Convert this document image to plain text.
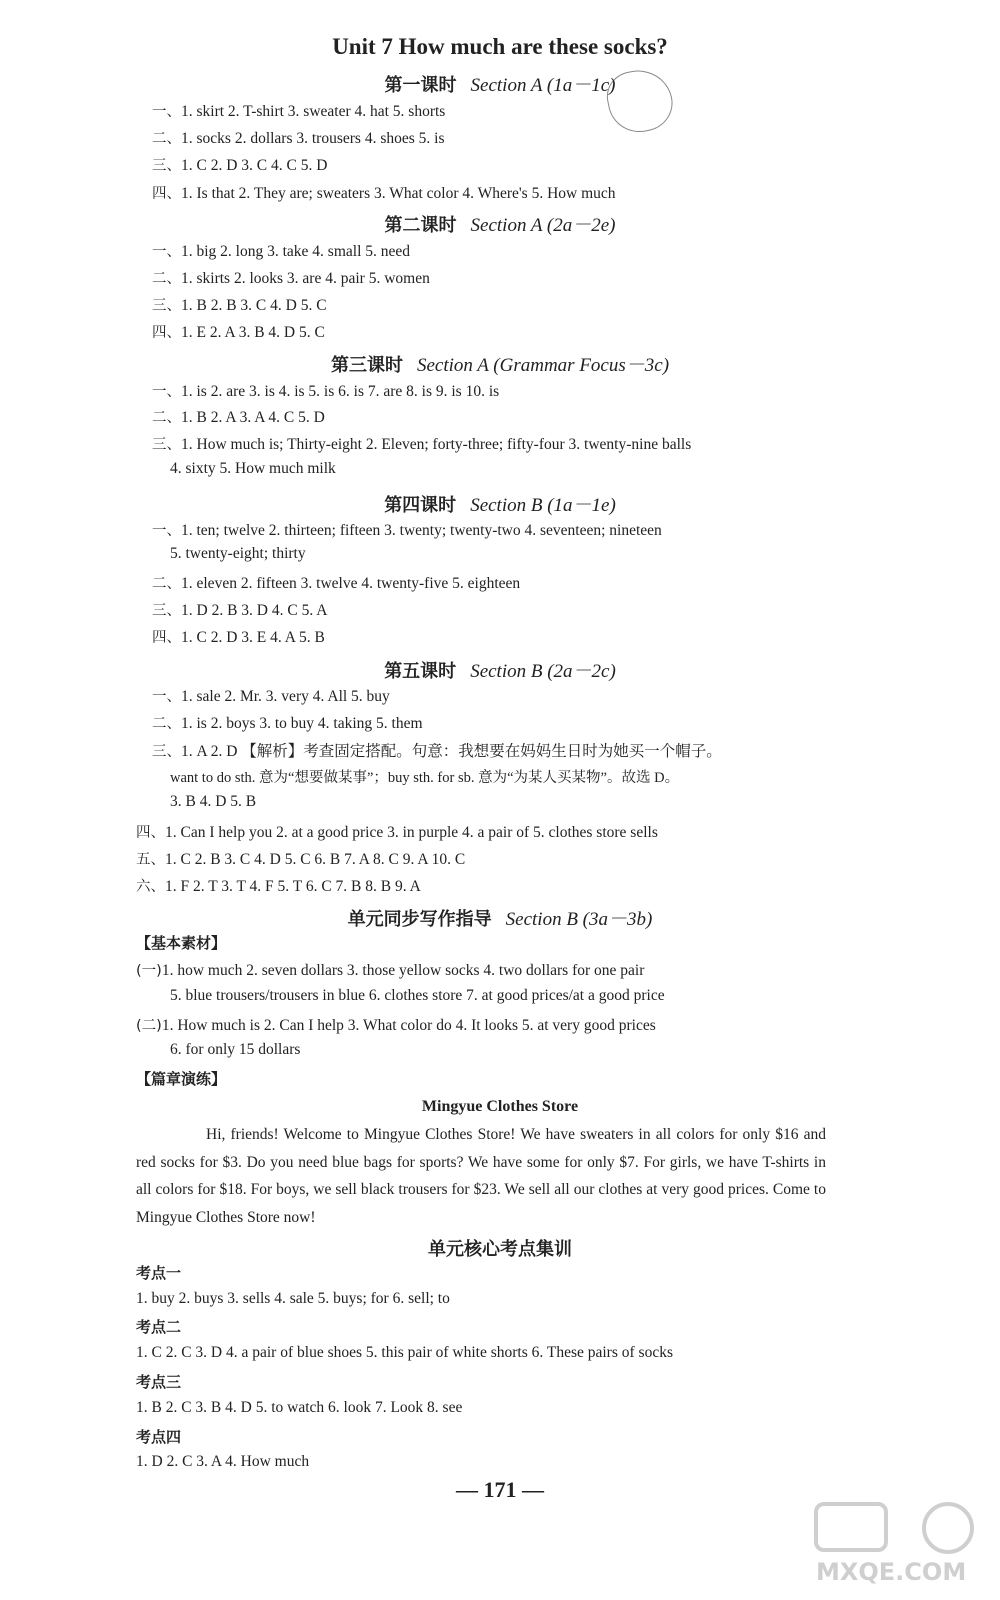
Unit 7 How much are these socks?
第一课时 Section A (1a－1c)
一、1. skirt 2. T-shirt 3. sweater 4. hat 5. shorts
二、1. socks 2. dollars 3. trousers 4. shoes 5. is
三、1. C 2. D 3. C 4. C 5. D
四、1. Is that 2. They are; sweaters 3. What color 4. Where's 5. How much
第二课时 Section A (2a－2e)
一、1. big 2. long 3. take 4. small 5. need
二、1. skirts 2. looks 3. are 4. pair 5. women
三、1. B 2. B 3. C 4. D 5. C
四、1. E 2. A 3. B 4. D 5. C
第三课时 Section A (Grammar Focus－3c)
一、1. is 2. are 3. is 4. is 5. is 6. is 7. are 8. is 9. is 10. is
二、1. B 2. A 3. A 4. C 5. D
三、1. How much is; Thirty-eight 2. Eleven; forty-three; fifty-four 3. twenty-nine balls
4. sixty 5. How much milk
第四课时 Section B (1a－1e)
一、1. ten; twelve 2. thirteen; fifteen 3. twenty; twenty-two 4. seventeen; nineteen
5. twenty-eight; thirty
二、1. eleven 2. fifteen 3. twelve 4. twenty-five 5. eighteen
三、1. D 2. B 3. D 4. C 5. A
四、1. C 2. D 3. E 4. A 5. B
第五课时 Section B (2a－2c)
一、1. sale 2. Mr. 3. very 4. All 5. buy
二、1. is 2. boys 3. to buy 4. taking 5. them
三、1. A 2. D 【解析】考查固定搭配。句意：我想要在妈妈生日时为她买一个帽子。
want to do sth. 意为“想要做某事”；buy sth. for sb. 意为“为某人买某物”。故选 D。
3. B 4. D 5. B
四、1. Can I help you 2. at a good price 3. in purple 4. a pair of 5. clothes store sells
五、1. C 2. B 3. C 4. D 5. C 6. B 7. A 8. C 9. A 10. C
六、1. F 2. T 3. T 4. F 5. T 6. C 7. B 8. B 9. A
单元同步写作指导 Section B (3a－3b)
【基本素材】
(一)1. how much 2. seven dollars 3. those yellow socks 4. two dollars for one pair
5. blue trousers/trousers in blue 6. clothes store 7. at good prices/at a good price
(二)1. How much is 2. Can I help 3. What color do 4. It looks 5. at very good prices
6. for only 15 dollars
【篇章演练】
Mingyue Clothes Store
Hi, friends! Welcome to Mingyue Clothes Store! We have sweaters in all colors for only $16 and red socks for $3. Do you need blue bags for sports? We have some for only $7. For girls, we have T-shirts in all colors for $18. For boys, we sell black trousers for $23. We sell all our clothes at very good prices. Come to Mingyue Clothes Store now!
单元核心考点集训
考点一
1. buy 2. buys 3. sells 4. sale 5. buys; for 6. sell; to
考点二
1. C 2. C 3. D 4. a pair of blue shoes 5. this pair of white shorts 6. These pairs of socks
考点三
1. B 2. C 3. B 4. D 5. to watch 6. look 7. Look 8. see
考点四
1. D 2. C 3. A 4. How much
— 171 —
MXQE.COM
